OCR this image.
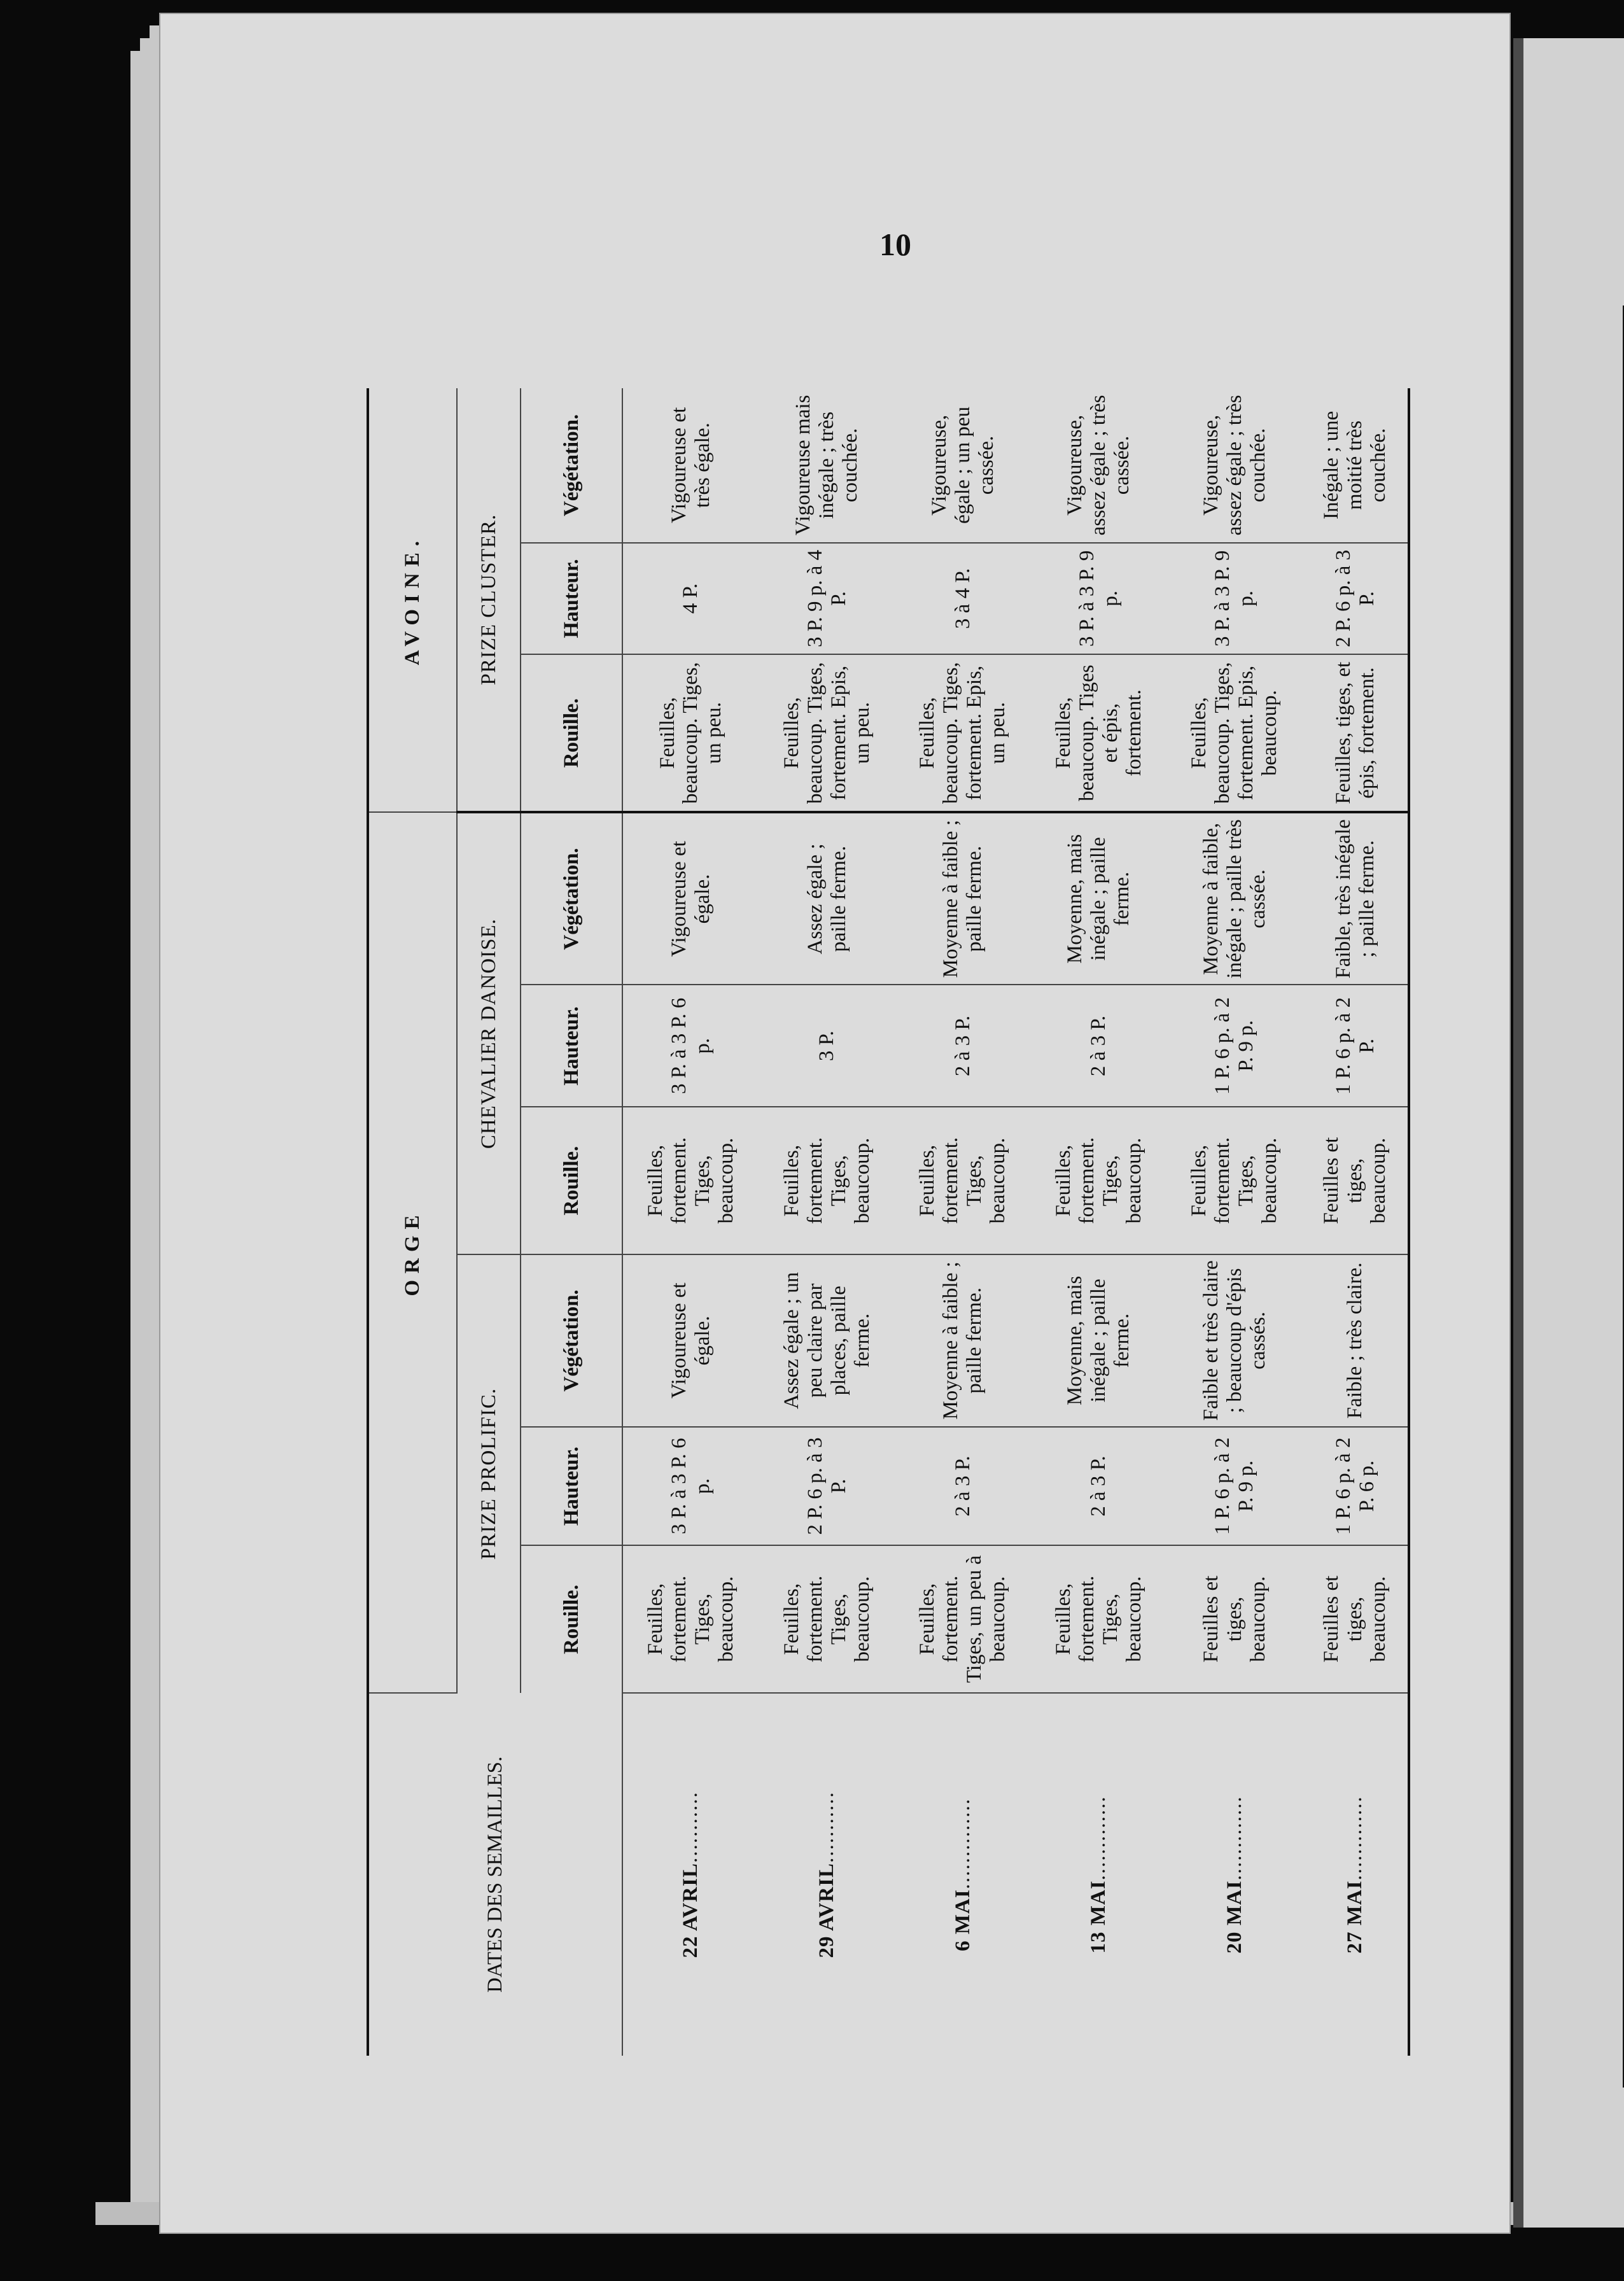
10
DATES DES SEMAILLES.	ORGE						AVOINE.		
	PRIZE PROLIFIC.			CHEVALIER DANOISE.			PRIZE CLUSTER.		
	Rouille.	Hauteur.	Végétation.	Rouille.	Hauteur.	Végétation.	Rouille.	Hauteur.	Végétation.
22 AVRIL...........	Feuilles, fortement. Tiges, beaucoup.	3 P. à 3 P. 6 p.	Vigoureuse et égale.	Feuilles, fortement. Tiges, beaucoup.	3 P. à 3 P. 6 p.	Vigoureuse et égale.	Feuilles, beaucoup. Tiges, un peu.	4 P.	Vigoureuse et très égale.
29 AVRIL...........	Feuilles, fortement. Tiges, beaucoup.	2 P. 6 p. à 3 P.	Assez égale ; un peu claire par places, paille ferme.	Feuilles, fortement. Tiges, beaucoup.	3 P.	Assez égale ; paille ferme.	Feuilles, beaucoup. Tiges, fortement. Epis, un peu.	3 P. 9 p. à 4 P.	Vigoureuse mais inégale ; très couchée.
6 MAI..............	Feuilles, fortement. Tiges, un peu à beaucoup.	2 à 3 P.	Moyenne à faible ; paille ferme.	Feuilles, fortement. Tiges, beaucoup.	2 à 3 P.	Moyenne à faible ; paille ferme.	Feuilles, beaucoup. Tiges, fortement. Epis, un peu.	3 à 4 P.	Vigoureuse, égale ; un peu cassée.
13 MAI.............	Feuilles, fortement. Tiges, beaucoup.	2 à 3 P.	Moyenne, mais inégale ; paille ferme.	Feuilles, fortement. Tiges, beaucoup.	2 à 3 P.	Moyenne, mais inégale ; paille ferme.	Feuilles, beaucoup. Tiges et épis, fortement.	3 P. à 3 P. 9 p.	Vigoureuse, assez égale ; très cassée.
20 MAI.............	Feuilles et tiges, beaucoup.	1 P. 6 p. à 2 P. 9 p.	Faible et très claire ; beaucoup d'épis cassés.	Feuilles, fortement. Tiges, beaucoup.	1 P. 6 p. à 2 P. 9 p.	Moyenne à faible, inégale ; paille très cassée.	Feuilles, beaucoup. Tiges, fortement. Epis, beaucoup.	3 P. à 3 P. 9 p.	Vigoureuse, assez égale ; très couchée.
27 MAI.............	Feuilles et tiges, beaucoup.	1 P. 6 p. à 2 P. 6 p.	Faible ; très claire.	Feuilles et tiges, beaucoup.	1 P. 6 p. à 2 P.	Faible, très inégale ; paille ferme.	Feuilles, tiges, et épis, fortement.	2 P. 6 p. à 3 P.	Inégale ; une moitié très couchée.
